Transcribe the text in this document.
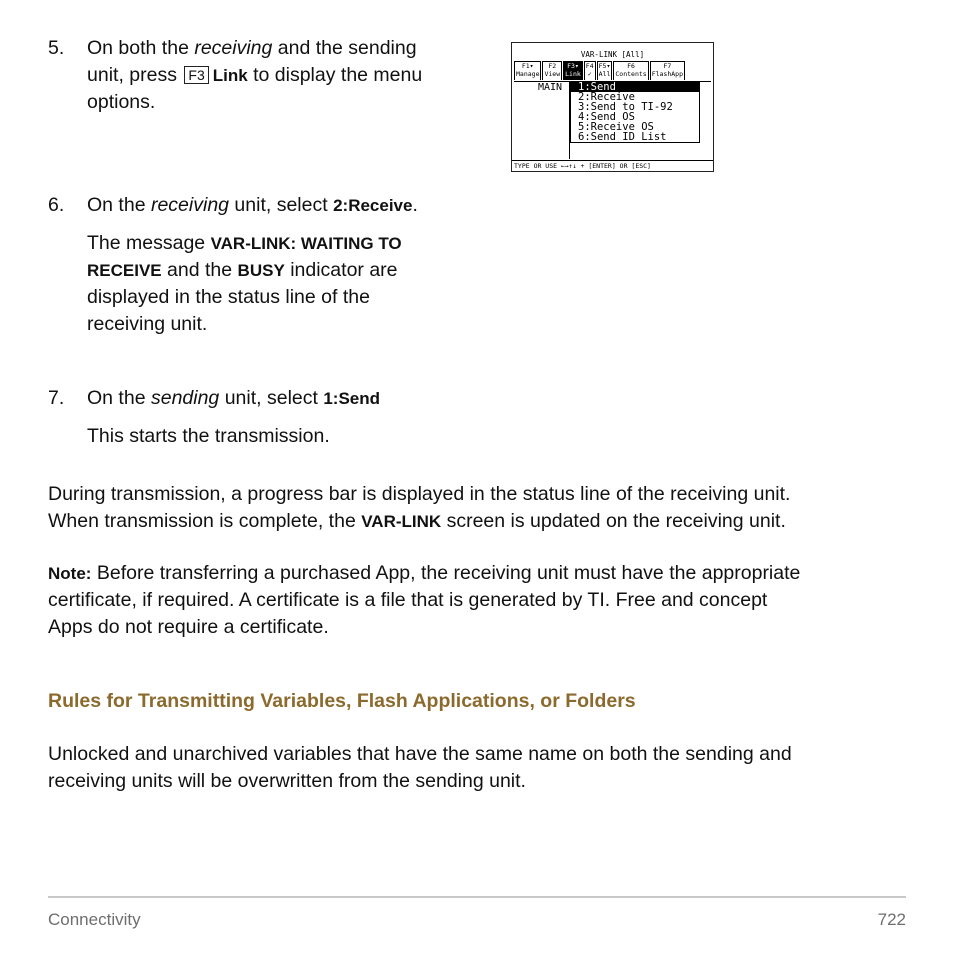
5.	On both the receiving and the sending
unit, press F3 Link to display the menu
options.
VAR-LINK [All]
F1▾
Manage
F2
View
F3▾
Link
F4
✓
F5▾
All
F6
Contents
F7
FlashApp
MAIN	1:Send
2:Receive
3:Send to TI-92
4:Send OS
5:Receive OS
6:Send ID List
TYPE OR USE ←→↑↓ + [ENTER] OR [ESC]
6.	On the receiving unit, select 2:Receive.
The message VAR-LINK: WAITING TO
RECEIVE and the BUSY indicator are
displayed in the status line of the
receiving unit.
7.	On the sending unit, select 1:Send
This starts the transmission.
During transmission, a progress bar is displayed in the status line of the receiving unit.
When transmission is complete, the VAR-LINK screen is updated on the receiving unit.
Note: Before transferring a purchased App, the receiving unit must have the appropriate
certificate, if required. A certificate is a file that is generated by TI. Free and concept
Apps do not require a certificate.
Rules for Transmitting Variables, Flash Applications, or Folders
Unlocked and unarchived variables that have the same name on both the sending and
receiving units will be overwritten from the sending unit.
Connectivity	722
